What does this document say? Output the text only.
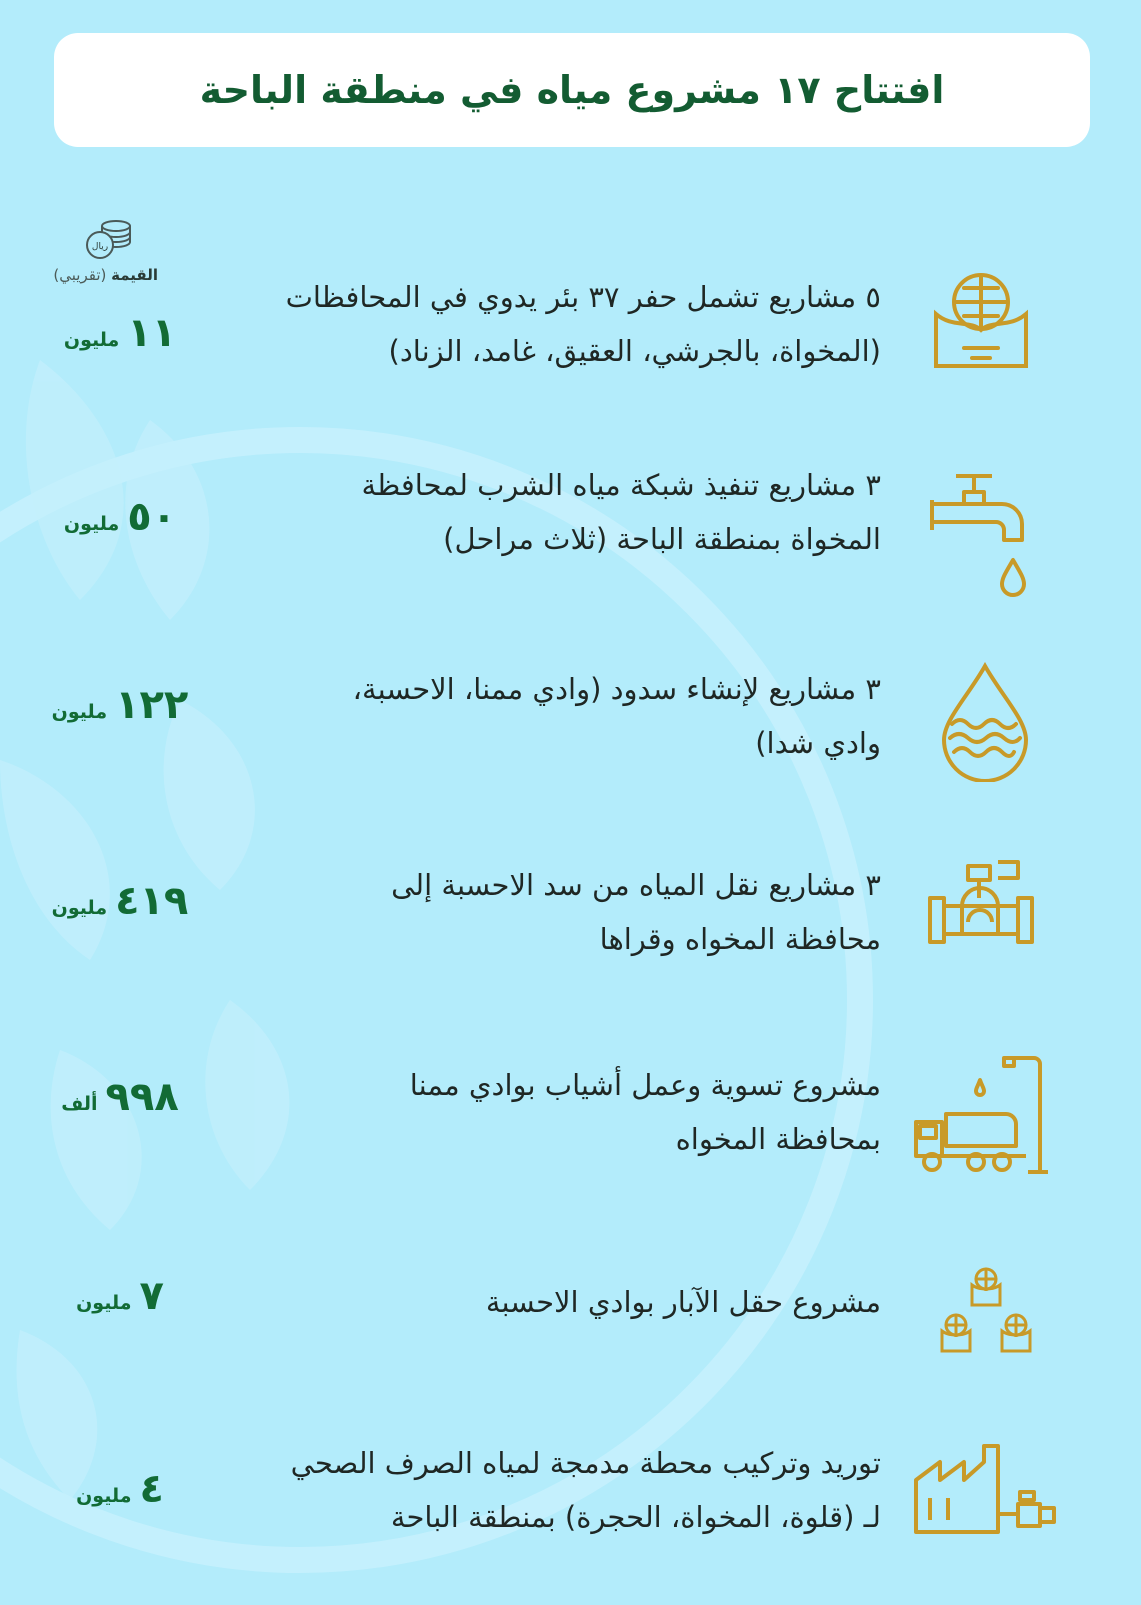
افتتاح ١٧ مشروع مياه في منطقة الباحة
ريال
القيمة (تقريبي)

٥ مشاريع تشمل حفر ٣٧ بئر يدوي في المحافظات

(المخواة، بالجرشي، العقيق، غامد، الزناد)

١١
مليون

٣ مشاريع تنفيذ شبكة مياه الشرب لمحافظة

المخواة بمنطقة الباحة (ثلاث مراحل)

٥٠
مليون

٣ مشاريع لإنشاء سدود (وادي ممنا، الاحسبة،

وادي شدا)

١٢٢
مليون

٣ مشاريع نقل المياه من سد الاحسبة إلى

محافظة المخواه وقراها

٤١٩
مليون

مشروع تسوية وعمل أشياب بوادي ممنا

بمحافظة المخواه

٩٩٨
ألف

مشروع حقل الآبار بوادي الاحسبة

٧
مليون

توريد وتركيب محطة مدمجة لمياه الصرف الصحي

لـ (قلوة، المخواة، الحجرة) بمنطقة الباحة

٤
مليون
